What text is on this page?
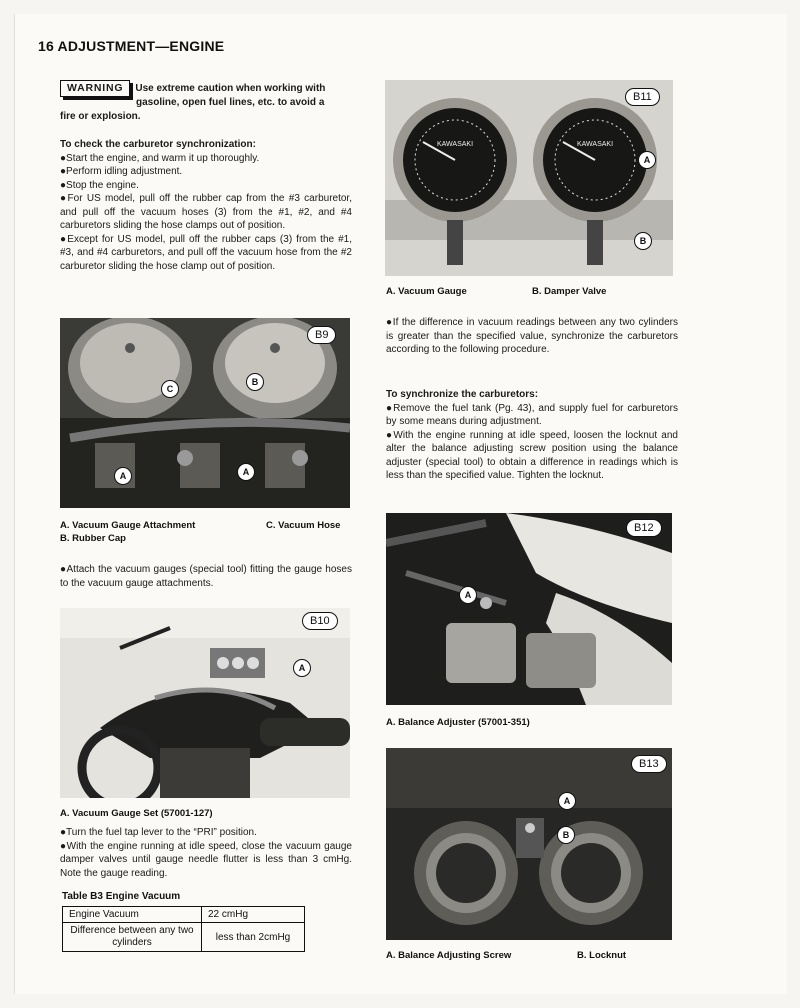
16 ADJUSTMENT—ENGINE

WARNING Use extreme caution when working with

gasoline, open fuel lines, etc. to avoid a

fire or explosion.

To check the carburetor synchronization:

●Start the engine, and warm it up thoroughly.

●Perform idling adjustment.

●Stop the engine.

●For US model, pull off the rubber cap from the #3 carburetor, and pull off the vacuum hoses (3) from the #1, #2, and #4 carburetors sliding the hose clamps out of position.

●Except for US model, pull off the rubber caps (3) from the #1, #3, and #4 carburetors, and pull off the vacuum hose from the #2 carburetor sliding the hose clamp out of position.

B9
C
B
A	A
A. Vacuum Gauge Attachment	C. Vacuum Hose
B. Rubber Cap
●Attach the vacuum gauges (special tool) fitting the gauge hoses to the vacuum gauge attachments.
B10
A
A. Vacuum Gauge Set (57001-127)

●Turn the fuel tap lever to the “PRI” position.

●With the engine running at idle speed, close the vacuum gauge damper valves until gauge needle flutter is less than 3 cmHg. Note the gauge reading.

Table B3 Engine Vacuum
Engine Vacuum	22 cmHg
Difference between any two cylinders	less than 2cmHg
KAWASAKI	KAWASAKI
B11
A
B
A. Vacuum Gauge	B. Damper Valve
●If the difference in vacuum readings between any two cylinders is greater than the specified value, synchronize the carburetors according to the following procedure.

To synchronize the carburetors:

●Remove the fuel tank (Pg. 43), and supply fuel for carburetors by some means during adjustment.

●With the engine running at idle speed, loosen the locknut and alter the balance adjusting screw position using the balance adjuster (special tool) to obtain a difference in readings which is less than the specified value. Tighten the locknut.

B12
A
A. Balance Adjuster (57001-351)
B13
A
B
A. Balance Adjusting Screw	B. Locknut
